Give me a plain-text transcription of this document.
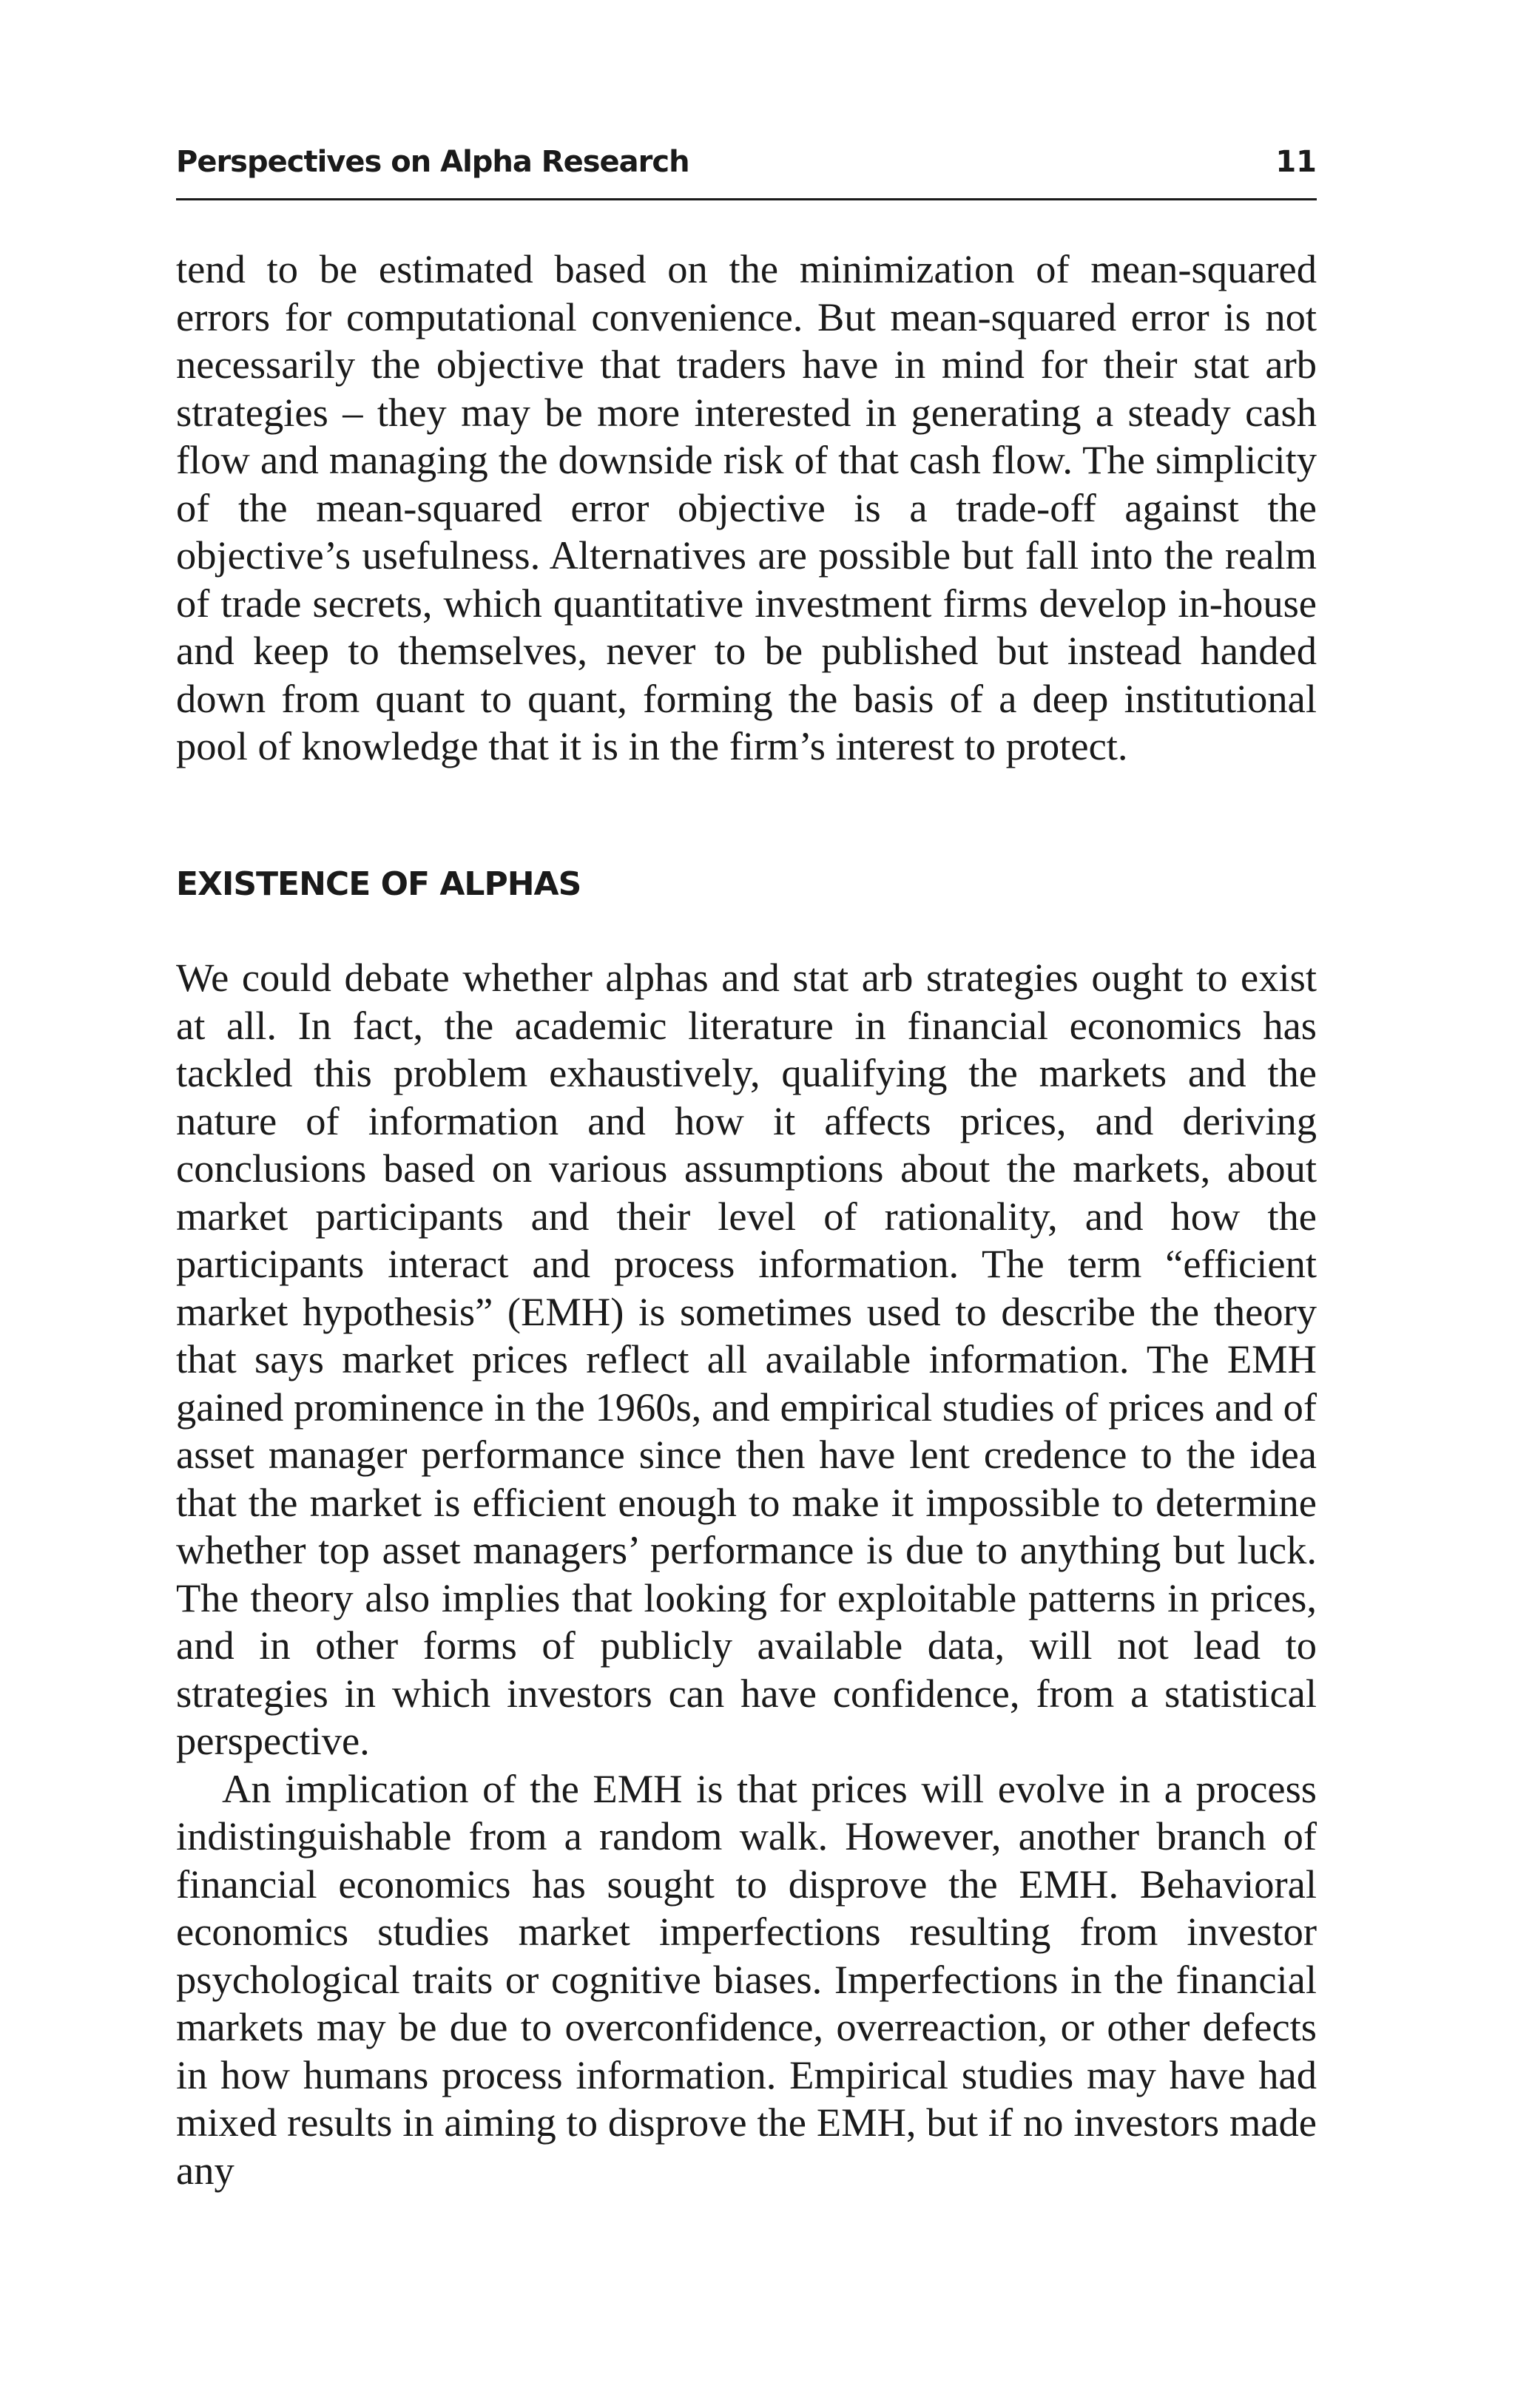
Perspectives on Alpha Research	11

tend to be estimated based on the minimization of mean-squared errors for computational convenience. But mean-squared error is not necessarily the objective that traders have in mind for their stat arb strategies – they may be more interested in generating a steady cash flow and managing the downside risk of that cash flow. The simplicity of the mean-squared error objective is a trade-off against the objective’s usefulness. Alternatives are possible but fall into the realm of trade secrets, which quantitative investment firms develop in-house and keep to themselves, never to be published but instead handed down from quant to quant, forming the basis of a deep institutional pool of knowledge that it is in the firm’s interest to protect.

EXISTENCE OF ALPHAS

We could debate whether alphas and stat arb strategies ought to exist at all. In fact, the academic literature in financial economics has tackled this problem exhaustively, qualifying the markets and the nature of information and how it affects prices, and deriving conclusions based on various assumptions about the markets, about market participants and their level of rationality, and how the participants interact and process information. The term “efficient market hypothesis” (EMH) is sometimes used to describe the theory that says market prices reflect all available information. The EMH gained prominence in the 1960s, and empirical studies of prices and of asset manager performance since then have lent credence to the idea that the market is efficient enough to make it impossible to determine whether top asset managers’ performance is due to anything but luck. The theory also implies that looking for exploitable patterns in prices, and in other forms of publicly available data, will not lead to strategies in which investors can have confidence, from a statistical perspective.

An implication of the EMH is that prices will evolve in a process indistinguishable from a random walk. However, another branch of financial economics has sought to disprove the EMH. Behavioral economics studies market imperfections resulting from investor psychological traits or cognitive biases. Imperfections in the financial markets may be due to overconfidence, overreaction, or other defects in how humans process information. Empirical studies may have had mixed results in aiming to disprove the EMH, but if no investors made any
